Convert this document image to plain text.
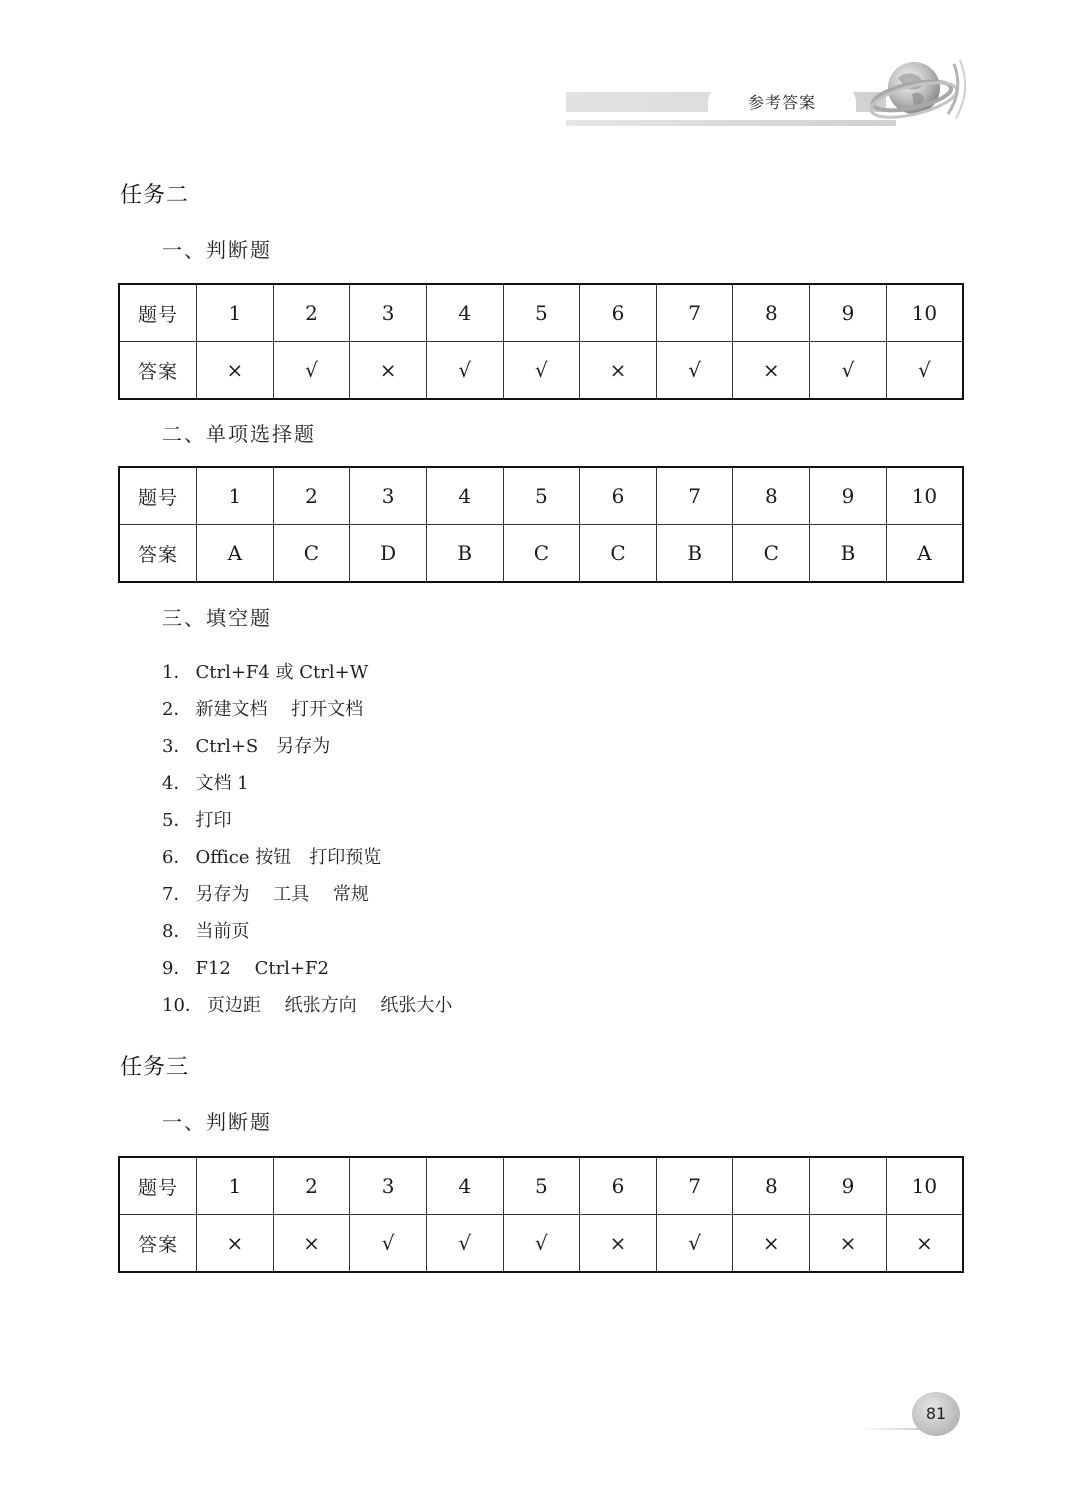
参考答案
任务二
一、判断题
题号	1	2	3	4	5	6	7	8	9	10
答案	×	√	×	√	√	×	√	×	√	√
二、单项选择题
题号	1	2	3	4	5	6	7	8	9	10
答案	A	C	D	B	C	C	B	C	B	A
三、填空题
1． Ctrl+F4 或 Ctrl+W
2． 新建文档　 打开文档
3． Ctrl+S　另存为
4． 文档 1
5． 打印
6． Office 按钮　打印预览
7． 另存为　 工具　 常规
8． 当前页
9． F12　 Ctrl+F2
10． 页边距　 纸张方向　 纸张大小
任务三
一、判断题
题号	1	2	3	4	5	6	7	8	9	10
答案	×	×	√	√	√	×	√	×	×	×
81
